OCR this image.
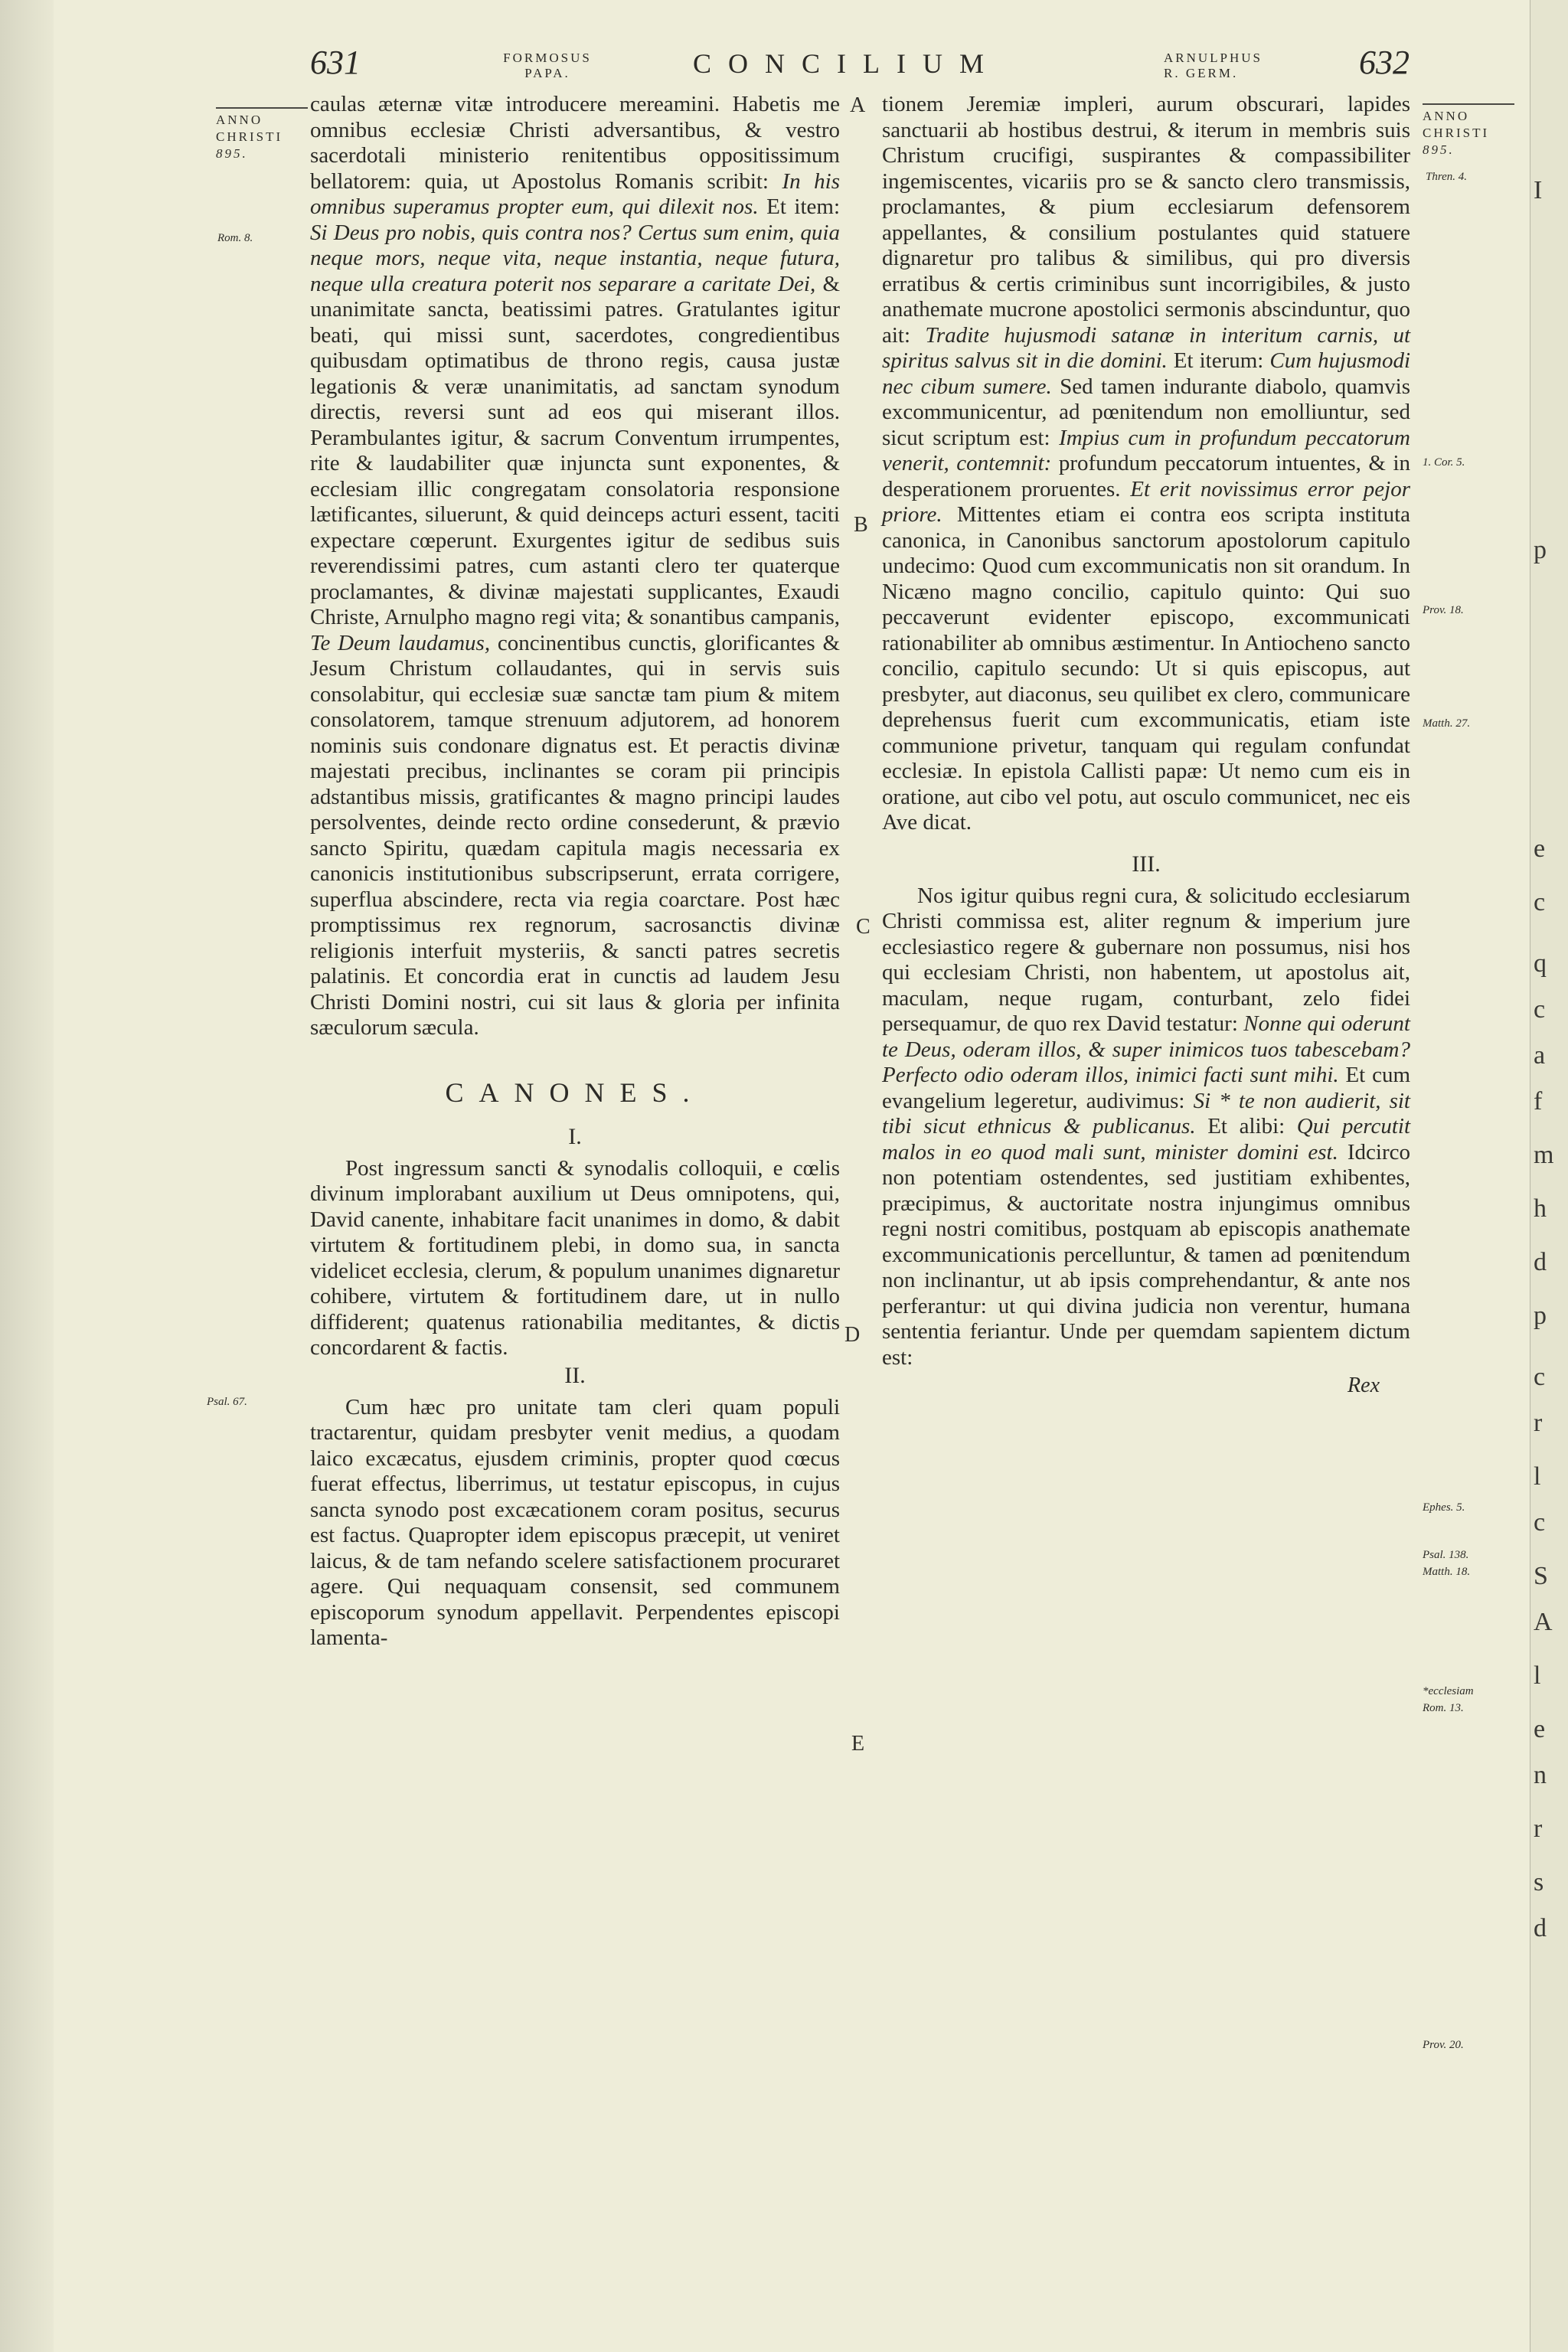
631	FORMOSUS
PAPA.	CONCILIUM	ARNULPHUS
R. GERM.	632
ANNO
CHRISTI
895.
Rom. 8.
Psal. 67.
A
B
C
D
E

caulas æternæ vitæ introducere mereamini. Habetis me omnibus ecclesiæ Christi adversantibus, & vestro sacerdotali ministerio renitentibus oppositissimum bellatorem: quia, ut Apostolus Romanis scribit: In his omnibus superamus propter eum, qui dilexit nos. Et item: Si Deus pro nobis, quis contra nos? Certus sum enim, quia neque mors, neque vita, neque instantia, neque futura, neque ulla creatura poterit nos separare a caritate Dei, & unanimitate sancta, beatissimi patres. Gratulantes igitur beati, qui missi sunt, sacerdotes, congredientibus quibusdam optimatibus de throno regis, causa justæ legationis & veræ unanimitatis, ad sanctam synodum directis, reversi sunt ad eos qui miserant illos. Perambulantes igitur, & sacrum Conventum irrumpentes, rite & laudabiliter quæ injuncta sunt exponentes, & ecclesiam illic congregatam consolatoria responsione lætificantes, siluerunt, & quid deinceps acturi essent, taciti expectare cœperunt. Exurgentes igitur de sedibus suis reverendissimi patres, cum astanti clero ter quaterque proclamantes, & divinæ majestati supplicantes, Exaudi Christe, Arnulpho magno regi vita; & sonantibus campanis, Te Deum laudamus, concinentibus cunctis, glorificantes & Jesum Christum collaudantes, qui in servis suis consolabitur, qui ecclesiæ suæ sanctæ tam pium & mitem consolatorem, tamque strenuum adjutorem, ad honorem nominis suis condonare dignatus est. Et peractis divinæ majestati precibus, inclinantes se coram pii principis adstantibus missis, gratificantes & magno principi laudes persolventes, deinde recto ordine consederunt, & prævio sancto Spiritu, quædam capitula magis necessaria ex canonicis institutionibus subscripserunt, errata corrigere, superflua abscindere, recta via regia coarctare. Post hæc promptissimus rex regnorum, sacrosanctis divinæ religionis interfuit mysteriis, & sancti patres secretis palatinis. Et concordia erat in cunctis ad laudem Jesu Christi Domini nostri, cui sit laus & gloria per infinita sæculorum sæcula.

CANONES.
I.

Post ingressum sancti & synodalis colloquii, e cœlis divinum implorabant auxilium ut Deus omnipotens, qui, David canente, inhabitare facit unanimes in domo, & dabit virtutem & fortitudinem plebi, in domo sua, in sancta videlicet ecclesia, clerum, & populum unanimes dignaretur cohibere, virtutem & fortitudinem dare, ut in nullo diffiderent; quatenus rationabilia meditantes, & dictis concordarent & factis.

II.

Cum hæc pro unitate tam cleri quam populi tractarentur, quidam presbyter venit medius, a quodam laico excæcatus, ejusdem criminis, propter quod cœcus fuerat effectus, liberrimus, ut testatur episcopus, in cujus sancta synodo post excæcationem coram positus, securus est factus. Quapropter idem episcopus præcepit, ut veniret laicus, & de tam nefando scelere satisfactionem procuraret agere. Qui nequaquam consensit, sed communem episcoporum synodum appellavit. Perpendentes episcopi lamenta-

tionem Jeremiæ impleri, aurum obscurari, lapides sanctuarii ab hostibus destrui, & iterum in membris suis Christum crucifigi, suspirantes & compassibiliter ingemiscentes, vicariis pro se & sancto clero transmissis, proclamantes, & pium ecclesiarum defensorem appellantes, & consilium postulantes quid statuere dignaretur pro talibus & similibus, qui pro diversis erratibus & certis criminibus sunt incorrigibiles, & justo anathemate mucrone apostolici sermonis abscinduntur, quo ait: Tradite hujusmodi satanæ in interitum carnis, ut spiritus salvus sit in die domini. Et iterum: Cum hujusmodi nec cibum sumere. Sed tamen indurante diabolo, quamvis excommunicentur, ad pœnitendum non emolliuntur, sed sicut scriptum est: Impius cum in profundum peccatorum venerit, contemnit: profundum peccatorum intuentes, & in desperationem proruentes. Et erit novissimus error pejor priore. Mittentes etiam ei contra eos scripta instituta canonica, in Canonibus sanctorum apostolorum capitulo undecimo: Quod cum excommunicatis non sit orandum. In Nicæno magno concilio, capitulo quinto: Qui suo peccaverunt evidenter episcopo, excommunicati rationabiliter ab omnibus æstimentur. In Antiocheno sancto concilio, capitulo secundo: Ut si quis episcopus, aut presbyter, aut diaconus, seu quilibet ex clero, communicare deprehensus fuerit cum excommunicatis, etiam iste communione privetur, tanquam qui regulam confundat ecclesiæ. In epistola Callisti papæ: Ut nemo cum eis in oratione, aut cibo vel potu, aut osculo communicet, nec eis Ave dicat.

III.

Nos igitur quibus regni cura, & solicitudo ecclesiarum Christi commissa est, aliter regnum & imperium jure ecclesiastico regere & gubernare non possumus, nisi hos qui ecclesiam Christi, non habentem, ut apostolus ait, maculam, neque rugam, conturbant, zelo fidei persequamur, de quo rex David testatur: Nonne qui oderunt te Deus, oderam illos, & super inimicos tuos tabescebam? Perfecto odio oderam illos, inimici facti sunt mihi. Et cum evangelium legeretur, audivimus: Si * te non audierit, sit tibi sicut ethnicus & publicanus. Et alibi: Qui percutit malos in eo quod mali sunt, minister domini est. Idcirco non potentiam ostendentes, sed justitiam exhibentes, præcipimus, & auctoritate nostra injungimus omnibus regni nostri comitibus, postquam ab episcopis anathemate excommunicationis percelluntur, & tamen ad pœnitendum non inclinantur, ut ab ipsis comprehendantur, & ante nos perferantur: ut qui divina judicia non verentur, humana sententia feriantur. Unde per quemdam sapientem dictum est:

Rex
ANNO
CHRISTI
895.
Thren. 4.
1. Cor. 5.
Prov. 18.
Matth. 27.
Ephes. 5.
Psal. 138.
Matth. 18.
*ecclesiam
Rom. 13.
Prov. 20.
I
p
e
c
q
c
a
f
m
h
d
p
c
r
l
c
S
A
l
e
n
r
s
d
